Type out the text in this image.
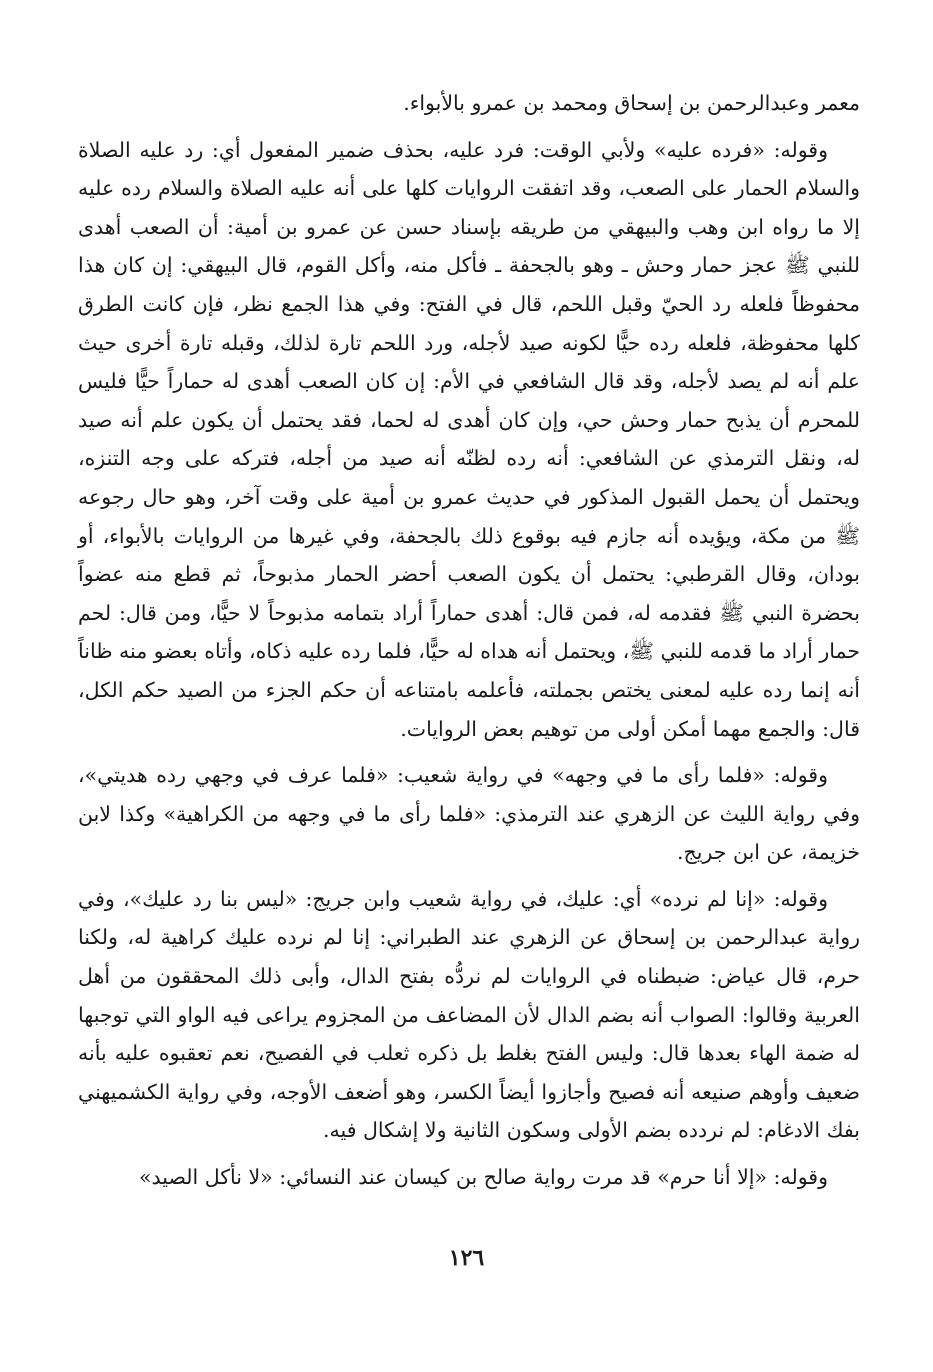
معمر وعبدالرحمن بن إسحاق ومحمد بن عمرو بالأبواء.

وقوله: «فرده عليه» ولأبي الوقت: فرد عليه، بحذف ضمير المفعول أي: رد عليه الصلاة والسلام الحمار على الصعب، وقد اتفقت الروايات كلها على أنه عليه الصلاة والسلام رده عليه إلا ما رواه ابن وهب والبيهقي من طريقه بإسناد حسن عن عمرو بن أمية: أن الصعب أهدى للنبي ﷺ عجز حمار وحش ـ وهو بالجحفة ـ فأكل منه، وأكل القوم، قال البيهقي: إن كان هذا محفوظاً فلعله رد الحيّ وقبل اللحم، قال في الفتح: وفي هذا الجمع نظر، فإن كانت الطرق كلها محفوظة، فلعله رده حيًّا لكونه صيد لأجله، ورد اللحم تارة لذلك، وقبله تارة أخرى حيث علم أنه لم يصد لأجله، وقد قال الشافعي في الأم: إن كان الصعب أهدى له حماراً حيًّا فليس للمحرم أن يذبح حمار وحش حي، وإن كان أهدى له لحما، فقد يحتمل أن يكون علم أنه صيد له، ونقل الترمذي عن الشافعي: أنه رده لظنّه أنه صيد من أجله، فتركه على وجه التنزه، ويحتمل أن يحمل القبول المذكور في حديث عمرو بن أمية على وقت آخر، وهو حال رجوعه ﷺ من مكة، ويؤيده أنه جازم فيه بوقوع ذلك بالجحفة، وفي غيرها من الروايات بالأبواء، أو بودان، وقال القرطبي: يحتمل أن يكون الصعب أحضر الحمار مذبوحاً، ثم قطع منه عضواً بحضرة النبي ﷺ فقدمه له، فمن قال: أهدى حماراً أراد بتمامه مذبوحاً لا حيًّا، ومن قال: لحم حمار أراد ما قدمه للنبي ﷺ، ويحتمل أنه هداه له حيًّا، فلما رده عليه ذكاه، وأتاه بعضو منه ظاناً أنه إنما رده عليه لمعنى يختص بجملته، فأعلمه بامتناعه أن حكم الجزء من الصيد حكم الكل، قال: والجمع مهما أمكن أولى من توهيم بعض الروايات.

وقوله: «فلما رأى ما في وجهه» في رواية شعيب: «فلما عرف في وجهي رده هديتي»، وفي رواية الليث عن الزهري عند الترمذي: «فلما رأى ما في وجهه من الكراهية» وكذا لابن خزيمة، عن ابن جريج.

وقوله: «إنا لم نرده» أي: عليك، في رواية شعيب وابن جريج: «ليس بنا رد عليك»، وفي رواية عبدالرحمن بن إسحاق عن الزهري عند الطبراني: إنا لم نرده عليك كراهية له، ولكنا حرم، قال عياض: ضبطناه في الروايات لم نردُّه بفتح الدال، وأبى ذلك المحققون من أهل العربية وقالوا: الصواب أنه بضم الدال لأن المضاعف من المجزوم يراعى فيه الواو التي توجبها له ضمة الهاء بعدها قال: وليس الفتح بغلط بل ذكره ثعلب في الفصيح، نعم تعقبوه عليه بأنه ضعيف وأوهم صنيعه أنه فصيح وأجازوا أيضاً الكسر، وهو أضعف الأوجه، وفي رواية الكشميهني بفك الادغام: لم نردده بضم الأولى وسكون الثانية ولا إشكال فيه.

وقوله: «إلا أنا حرم» قد مرت رواية صالح بن كيسان عند النسائي: «لا نأكل الصيد»

١٢٦
